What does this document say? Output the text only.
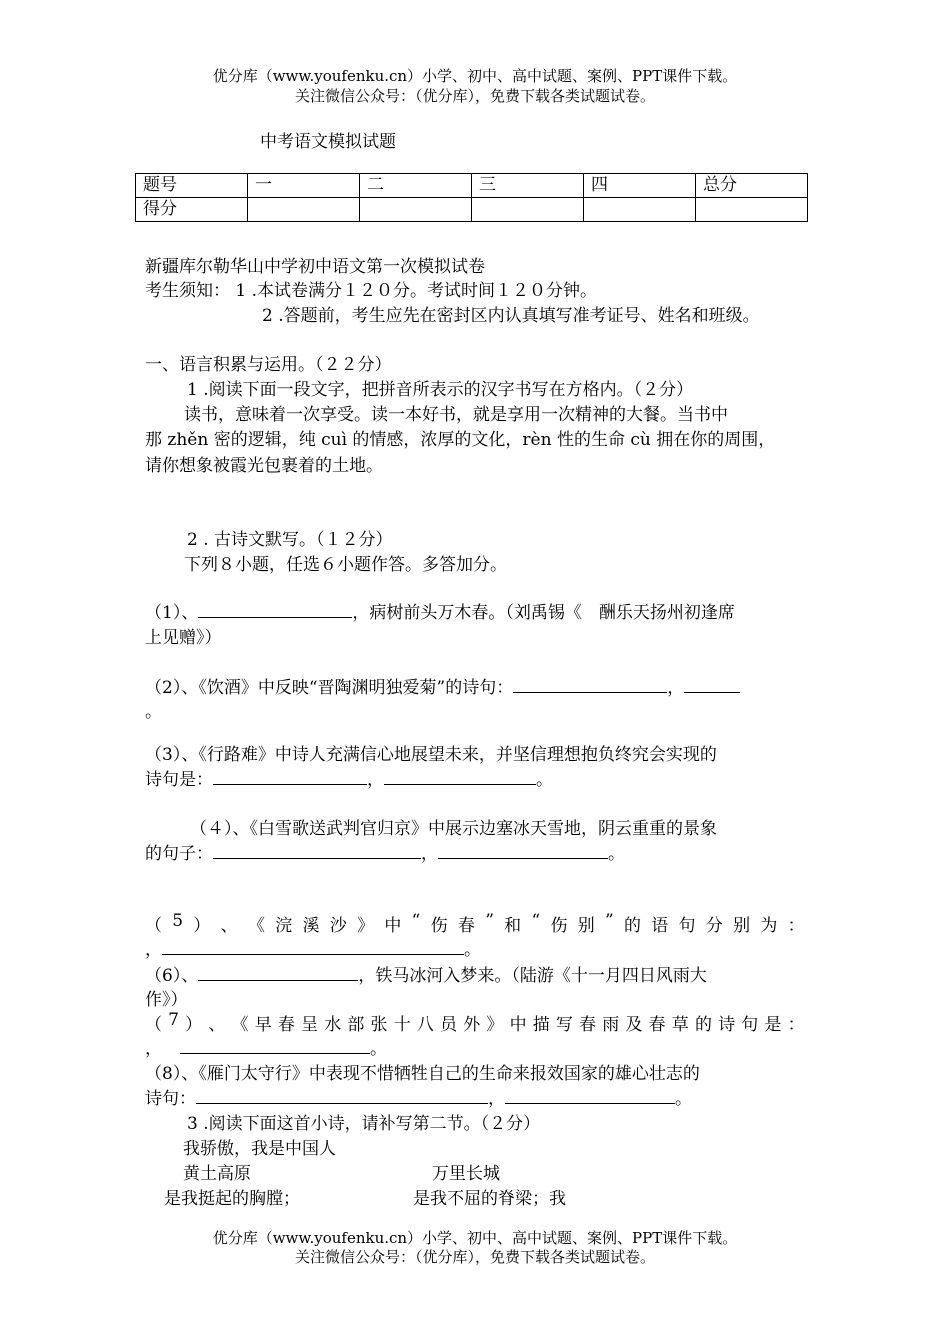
优分库（www.youfenku.cn）小学、初中、高中试题、案例、PPT课件下载。
关注微信公众号：（优分库），免费下载各类试题试卷。
中考语文模拟试题
题号	一	二	三	四	总分
得分					
新疆库尔勒华山中学初中语文第一次模拟试卷
考生须知： 1 .本试卷满分１２０分。考试时间１２０分钟。
2 .答题前，考生应先在密封区内认真填写准考证号、姓名和班级。
一、语言积累与运用。（２２分）
1 .阅读下面一段文字，把拼音所表示的汉字书写在方格内。（２分）
读书，意味着一次享受。读一本好书，就是享用一次精神的大餐。当书中
那 zhěn 密的逻辑，纯 cuì 的情感，浓厚的文化，rèn 性的生命 cù 拥在你的周围，
请你想象被霞光包裹着的土地。
2 . 古诗文默写。（１２分）
下列８小题，任选６小题作答。多答加分。
（1）、	，病树前头万木春。（刘禹锡《　酬乐天扬州初逢席
上见赠》）
（2）、《饮酒》中反映“晋陶渊明独爱菊”的诗句：	，
。
（3）、《行路难》中诗人充满信心地展望未来，并坚信理想抱负终究会实现的
诗句是：	，	。
（４）、《白雪歌送武判官归京》中展示边塞冰天雪地，阴云重重的景象
的句子：	，	。
（ 5 ） 、 《 浣 溪 沙 》 中 “ 伤 春 ” 和 “ 伤 别 ” 的 语 句 分 别 为 ：
，	。
（6）、	，铁马冰河入梦来。（陆游《十一月四日风雨大
作》）
（ 7 ） 、 《 早 春 呈 水 部 张 十 八 员 外 》 中 描 写 春 雨 及 春 草 的 诗 句 是 ：
，	。
（8）、《雁门太守行》中表现不惜牺牲自己的生命来报效国家的雄心壮志的
诗句：	，	。
3 .阅读下面这首小诗，请补写第二节。（２分）
我骄傲，我是中国人
黄土高原	万里长城
是我挺起的胸膛；	是我不屈的脊梁；我
优分库（www.youfenku.cn）小学、初中、高中试题、案例、PPT课件下载。
关注微信公众号：（优分库），免费下载各类试题试卷。
